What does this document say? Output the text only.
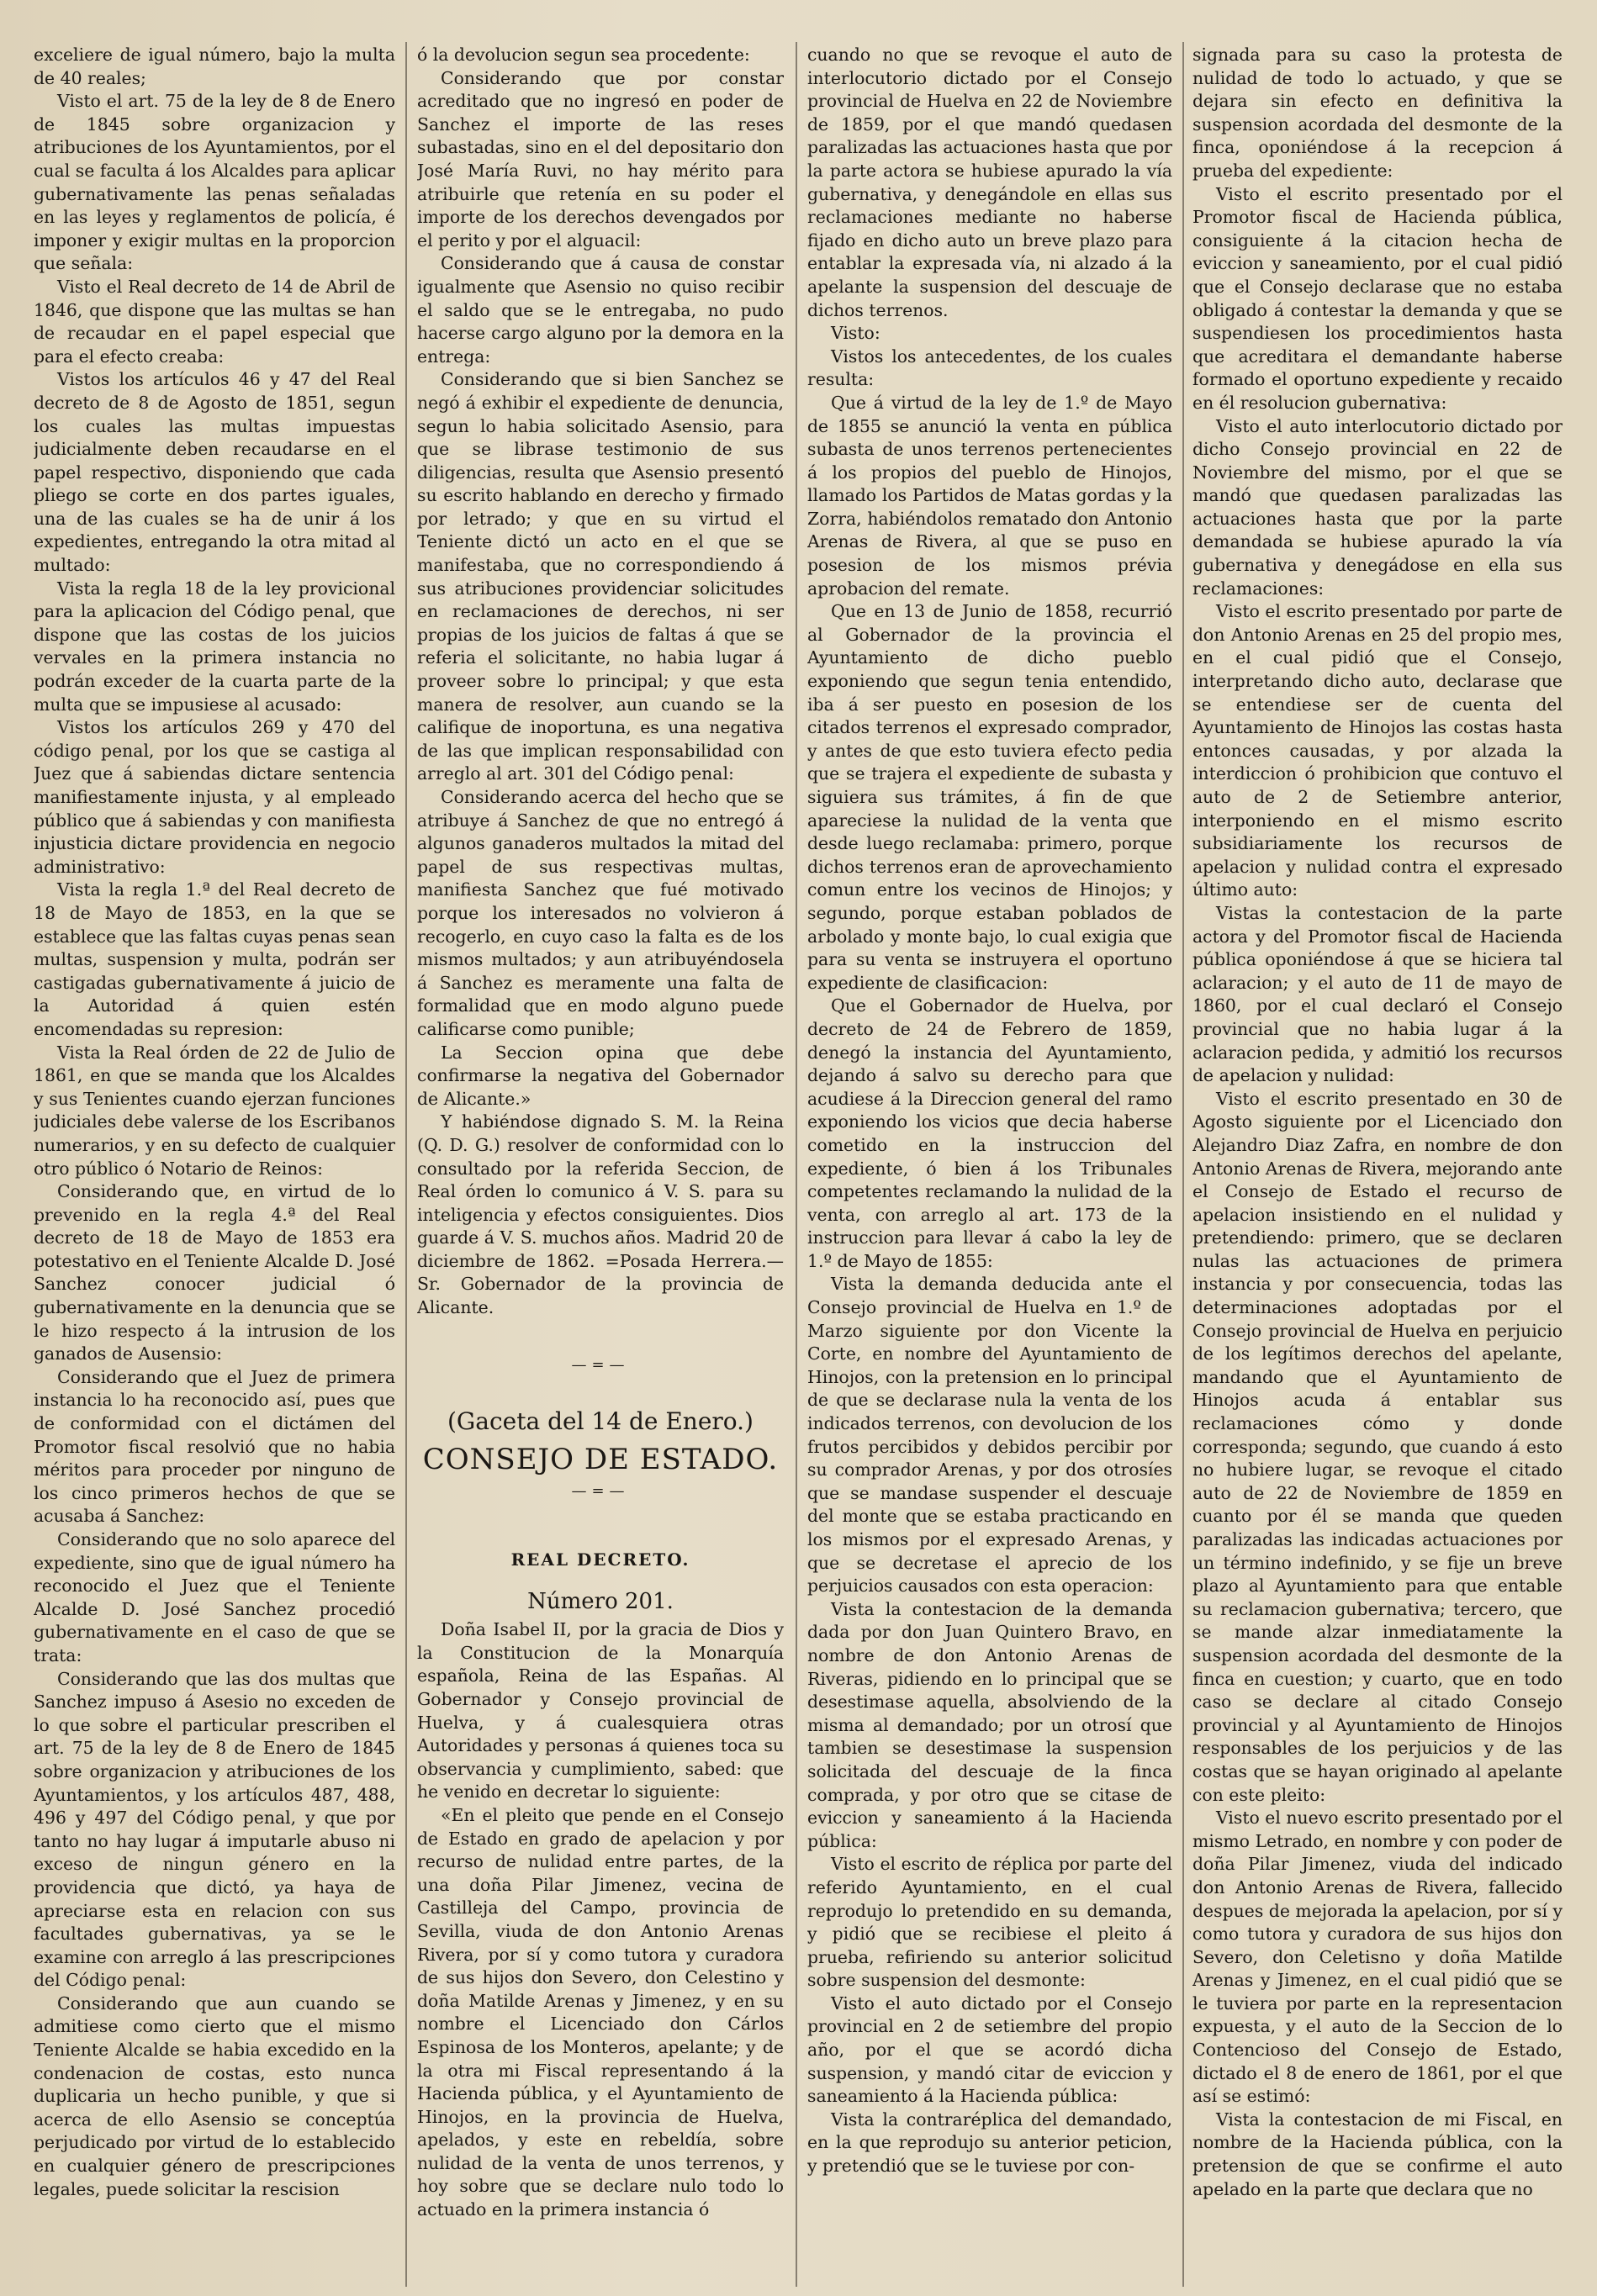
exceliere de igual número, bajo la multa de 40 reales;

Visto el art. 75 de la ley de 8 de Enero de 1845 sobre organizacion y atribuciones de los Ayuntamientos, por el cual se faculta á los Alcaldes para aplicar gubernativamente las penas señaladas en las leyes y reglamentos de policía, é imponer y exigir multas en la proporcion que señala:

Visto el Real decreto de 14 de Abril de 1846, que dispone que las multas se han de recaudar en el papel especial que para el efecto creaba:

Vistos los artículos 46 y 47 del Real decreto de 8 de Agosto de 1851, segun los cuales las multas impuestas judicialmente deben recaudarse en el papel respectivo, disponiendo que cada pliego se corte en dos partes iguales, una de las cuales se ha de unir á los expedientes, entregando la otra mitad al multado:

Vista la regla 18 de la ley provicional para la aplicacion del Código penal, que dispone que las costas de los juicios vervales en la primera instancia no podrán exceder de la cuarta parte de la multa que se impusiese al acusado:

Vistos los artículos 269 y 470 del código penal, por los que se castiga al Juez que á sabiendas dictare sentencia manifiestamente injusta, y al empleado público que á sabiendas y con manifiesta injusticia dictare providencia en negocio administrativo:

Vista la regla 1.ª del Real decreto de 18 de Mayo de 1853, en la que se establece que las faltas cuyas penas sean multas, suspension y multa, podrán ser castigadas gubernativamente á juicio de la Autoridad á quien estén encomendadas su represion:

Vista la Real órden de 22 de Julio de 1861, en que se manda que los Alcaldes y sus Tenientes cuando ejerzan funciones judiciales debe valerse de los Escribanos numerarios, y en su defecto de cualquier otro público ó Notario de Reinos:

Considerando que, en virtud de lo prevenido en la regla 4.ª del Real decreto de 18 de Mayo de 1853 era potestativo en el Teniente Alcalde D. José Sanchez conocer judicial ó gubernativamente en la denuncia que se le hizo respecto á la intrusion de los ganados de Ausensio:

Considerando que el Juez de primera instancia lo ha reconocido así, pues que de conformidad con el dictámen del Promotor fiscal resolvió que no habia méritos para proceder por ninguno de los cinco primeros hechos de que se acusaba á Sanchez:

Considerando que no solo aparece del expediente, sino que de igual número ha reconocido el Juez que el Teniente Alcalde D. José Sanchez procedió gubernativamente en el caso de que se trata:

Considerando que las dos multas que Sanchez impuso á Asesio no exceden de lo que sobre el particular prescriben el art. 75 de la ley de 8 de Enero de 1845 sobre organizacion y atribuciones de los Ayuntamientos, y los artículos 487, 488, 496 y 497 del Código penal, y que por tanto no hay lugar á imputarle abuso ni exceso de ningun género en la providencia que dictó, ya haya de apreciarse esta en relacion con sus facultades gubernativas, ya se le examine con arreglo á las prescripciones del Código penal:

Considerando que aun cuando se admitiese como cierto que el mismo Teniente Alcalde se habia excedido en la condenacion de costas, esto nunca duplicaria un hecho punible, y que si acerca de ello Asensio se conceptúa perjudicado por virtud de lo establecido en cualquier género de prescripciones legales, puede solicitar la rescision

ó la devolucion segun sea procedente:

Considerando que por constar acreditado que no ingresó en poder de Sanchez el importe de las reses subastadas, sino en el del depositario don José María Ruvi, no hay mérito para atribuirle que retenía en su poder el importe de los derechos devengados por el perito y por el alguacil:

Considerando que á causa de constar igualmente que Asensio no quiso recibir el saldo que se le entregaba, no pudo hacerse cargo alguno por la demora en la entrega:

Considerando que si bien Sanchez se negó á exhibir el expediente de denuncia, segun lo habia solicitado Asensio, para que se librase testimonio de sus diligencias, resulta que Asensio presentó su escrito hablando en derecho y firmado por letrado; y que en su virtud el Teniente dictó un acto en el que se manifestaba, que no correspondiendo á sus atribuciones providenciar solicitudes en reclamaciones de derechos, ni ser propias de los juicios de faltas á que se referia el solicitante, no habia lugar á proveer sobre lo principal; y que esta manera de resolver, aun cuando se la califique de inoportuna, es una negativa de las que implican responsabilidad con arreglo al art. 301 del Código penal:

Considerando acerca del hecho que se atribuye á Sanchez de que no entregó á algunos ganaderos multados la mitad del papel de sus respectivas multas, manifiesta Sanchez que fué motivado porque los interesados no volvieron á recogerlo, en cuyo caso la falta es de los mismos multados; y aun atribuyéndosela á Sanchez es meramente una falta de formalidad que en modo alguno puede calificarse como punible;

La Seccion opina que debe confirmarse la negativa del Gobernador de Alicante.»

Y habiéndose dignado S. M. la Reina (Q. D. G.) resolver de conformidad con lo consultado por la referida Seccion, de Real órden lo comunico á V. S. para su inteligencia y efectos consiguientes. Dios guarde á V. S. muchos años. Madrid 20 de diciembre de 1862. =Posada Herrera.—Sr. Gobernador de la provincia de Alicante.

—=—
(Gaceta del 14 de Enero.)
CONSEJO DE ESTADO.
—=—
REAL DECRETO.
Número 201.

Doña Isabel II, por la gracia de Dios y la Constitucion de la Monarquía española, Reina de las Españas. Al Gobernador y Consejo provincial de Huelva, y á cualesquiera otras Autoridades y personas á quienes toca su observancia y cumplimiento, sabed: que he venido en decretar lo siguiente:

«En el pleito que pende en el Consejo de Estado en grado de apelacion y por recurso de nulidad entre partes, de la una doña Pilar Jimenez, vecina de Castilleja del Campo, provincia de Sevilla, viuda de don Antonio Arenas Rivera, por sí y como tutora y curadora de sus hijos don Severo, don Celestino y doña Matilde Arenas y Jimenez, y en su nombre el Licenciado don Cárlos Espinosa de los Monteros, apelante; y de la otra mi Fiscal representando á la Hacienda pública, y el Ayuntamiento de Hinojos, en la provincia de Huelva, apelados, y este en rebeldía, sobre nulidad de la venta de unos terrenos, y hoy sobre que se declare nulo todo lo actuado en la primera instancia ó

cuando no que se revoque el auto de interlocutorio dictado por el Consejo provincial de Huelva en 22 de Noviembre de 1859, por el que mandó quedasen paralizadas las actuaciones hasta que por la parte actora se hubiese apurado la vía gubernativa, y denegándole en ellas sus reclamaciones mediante no haberse fijado en dicho auto un breve plazo para entablar la expresada vía, ni alzado á la apelante la suspension del descuaje de dichos terrenos.

Visto:

Vistos los antecedentes, de los cuales resulta:

Que á virtud de la ley de 1.º de Mayo de 1855 se anunció la venta en pública subasta de unos terrenos pertenecientes á los propios del pueblo de Hinojos, llamado los Partidos de Matas gordas y la Zorra, habiéndolos rematado don Antonio Arenas de Rivera, al que se puso en posesion de los mismos prévia aprobacion del remate.

Que en 13 de Junio de 1858, recurrió al Gobernador de la provincia el Ayuntamiento de dicho pueblo exponiendo que segun tenia entendido, iba á ser puesto en posesion de los citados terrenos el expresado comprador, y antes de que esto tuviera efecto pedia que se trajera el expediente de subasta y siguiera sus trámites, á fin de que apareciese la nulidad de la venta que desde luego reclamaba: primero, porque dichos terrenos eran de aprovechamiento comun entre los vecinos de Hinojos; y segundo, porque estaban poblados de arbolado y monte bajo, lo cual exigia que para su venta se instruyera el oportuno expediente de clasificacion:

Que el Gobernador de Huelva, por decreto de 24 de Febrero de 1859, denegó la instancia del Ayuntamiento, dejando á salvo su derecho para que acudiese á la Direccion general del ramo exponiendo los vicios que decia haberse cometido en la instruccion del expediente, ó bien á los Tribunales competentes reclamando la nulidad de la venta, con arreglo al art. 173 de la instruccion para llevar á cabo la ley de 1.º de Mayo de 1855:

Vista la demanda deducida ante el Consejo provincial de Huelva en 1.º de Marzo siguiente por don Vicente la Corte, en nombre del Ayuntamiento de Hinojos, con la pretension en lo principal de que se declarase nula la venta de los indicados terrenos, con devolucion de los frutos percibidos y debidos percibir por su comprador Arenas, y por dos otrosíes que se mandase suspender el descuaje del monte que se estaba practicando en los mismos por el expresado Arenas, y que se decretase el aprecio de los perjuicios causados con esta operacion:

Vista la contestacion de la demanda dada por don Juan Quintero Bravo, en nombre de don Antonio Arenas de Riveras, pidiendo en lo principal que se desestimase aquella, absolviendo de la misma al demandado; por un otrosí que tambien se desestimase la suspension solicitada del descuaje de la finca comprada, y por otro que se citase de eviccion y saneamiento á la Hacienda pública:

Visto el escrito de réplica por parte del referido Ayuntamiento, en el cual reprodujo lo pretendido en su demanda, y pidió que se recibiese el pleito á prueba, refiriendo su anterior solicitud sobre suspension del desmonte:

Visto el auto dictado por el Consejo provincial en 2 de setiembre del propio año, por el que se acordó dicha suspension, y mandó citar de eviccion y saneamiento á la Hacienda pública:

Vista la contraréplica del demandado, en la que reprodujo su anterior peticion, y pretendió que se le tuviese por con-

signada para su caso la protesta de nulidad de todo lo actuado, y que se dejara sin efecto en definitiva la suspension acordada del desmonte de la finca, oponiéndose á la recepcion á prueba del expediente:

Visto el escrito presentado por el Promotor fiscal de Hacienda pública, consiguiente á la citacion hecha de eviccion y saneamiento, por el cual pidió que el Consejo declarase que no estaba obligado á contestar la demanda y que se suspendiesen los procedimientos hasta que acreditara el demandante haberse formado el oportuno expediente y recaido en él resolucion gubernativa:

Visto el auto interlocutorio dictado por dicho Consejo provincial en 22 de Noviembre del mismo, por el que se mandó que quedasen paralizadas las actuaciones hasta que por la parte demandada se hubiese apurado la vía gubernativa y denegádose en ella sus reclamaciones:

Visto el escrito presentado por parte de don Antonio Arenas en 25 del propio mes, en el cual pidió que el Consejo, interpretando dicho auto, declarase que se entendiese ser de cuenta del Ayuntamiento de Hinojos las costas hasta entonces causadas, y por alzada la interdiccion ó prohibicion que contuvo el auto de 2 de Setiembre anterior, interponiendo en el mismo escrito subsidiariamente los recursos de apelacion y nulidad contra el expresado último auto:

Vistas la contestacion de la parte actora y del Promotor fiscal de Hacienda pública oponiéndose á que se hiciera tal aclaracion; y el auto de 11 de mayo de 1860, por el cual declaró el Consejo provincial que no habia lugar á la aclaracion pedida, y admitió los recursos de apelacion y nulidad:

Visto el escrito presentado en 30 de Agosto siguiente por el Licenciado don Alejandro Diaz Zafra, en nombre de don Antonio Arenas de Rivera, mejorando ante el Consejo de Estado el recurso de apelacion insistiendo en el nulidad y pretendiendo: primero, que se declaren nulas las actuaciones de primera instancia y por consecuencia, todas las determinaciones adoptadas por el Consejo provincial de Huelva en perjuicio de los legítimos derechos del apelante, mandando que el Ayuntamiento de Hinojos acuda á entablar sus reclamaciones cómo y donde corresponda; segundo, que cuando á esto no hubiere lugar, se revoque el citado auto de 22 de Noviembre de 1859 en cuanto por él se manda que queden paralizadas las indicadas actuaciones por un término indefinido, y se fije un breve plazo al Ayuntamiento para que entable su reclamacion gubernativa; tercero, que se mande alzar inmediatamente la suspension acordada del desmonte de la finca en cuestion; y cuarto, que en todo caso se declare al citado Consejo provincial y al Ayuntamiento de Hinojos responsables de los perjuicios y de las costas que se hayan originado al apelante con este pleito:

Visto el nuevo escrito presentado por el mismo Letrado, en nombre y con poder de doña Pilar Jimenez, viuda del indicado don Antonio Arenas de Rivera, fallecido despues de mejorada la apelacion, por sí y como tutora y curadora de sus hijos don Severo, don Celetisno y doña Matilde Arenas y Jimenez, en el cual pidió que se le tuviera por parte en la representacion expuesta, y el auto de la Seccion de lo Contencioso del Consejo de Estado, dictado el 8 de enero de 1861, por el que así se estimó:

Vista la contestacion de mi Fiscal, en nombre de la Hacienda pública, con la pretension de que se confirme el auto apelado en la parte que declara que no
